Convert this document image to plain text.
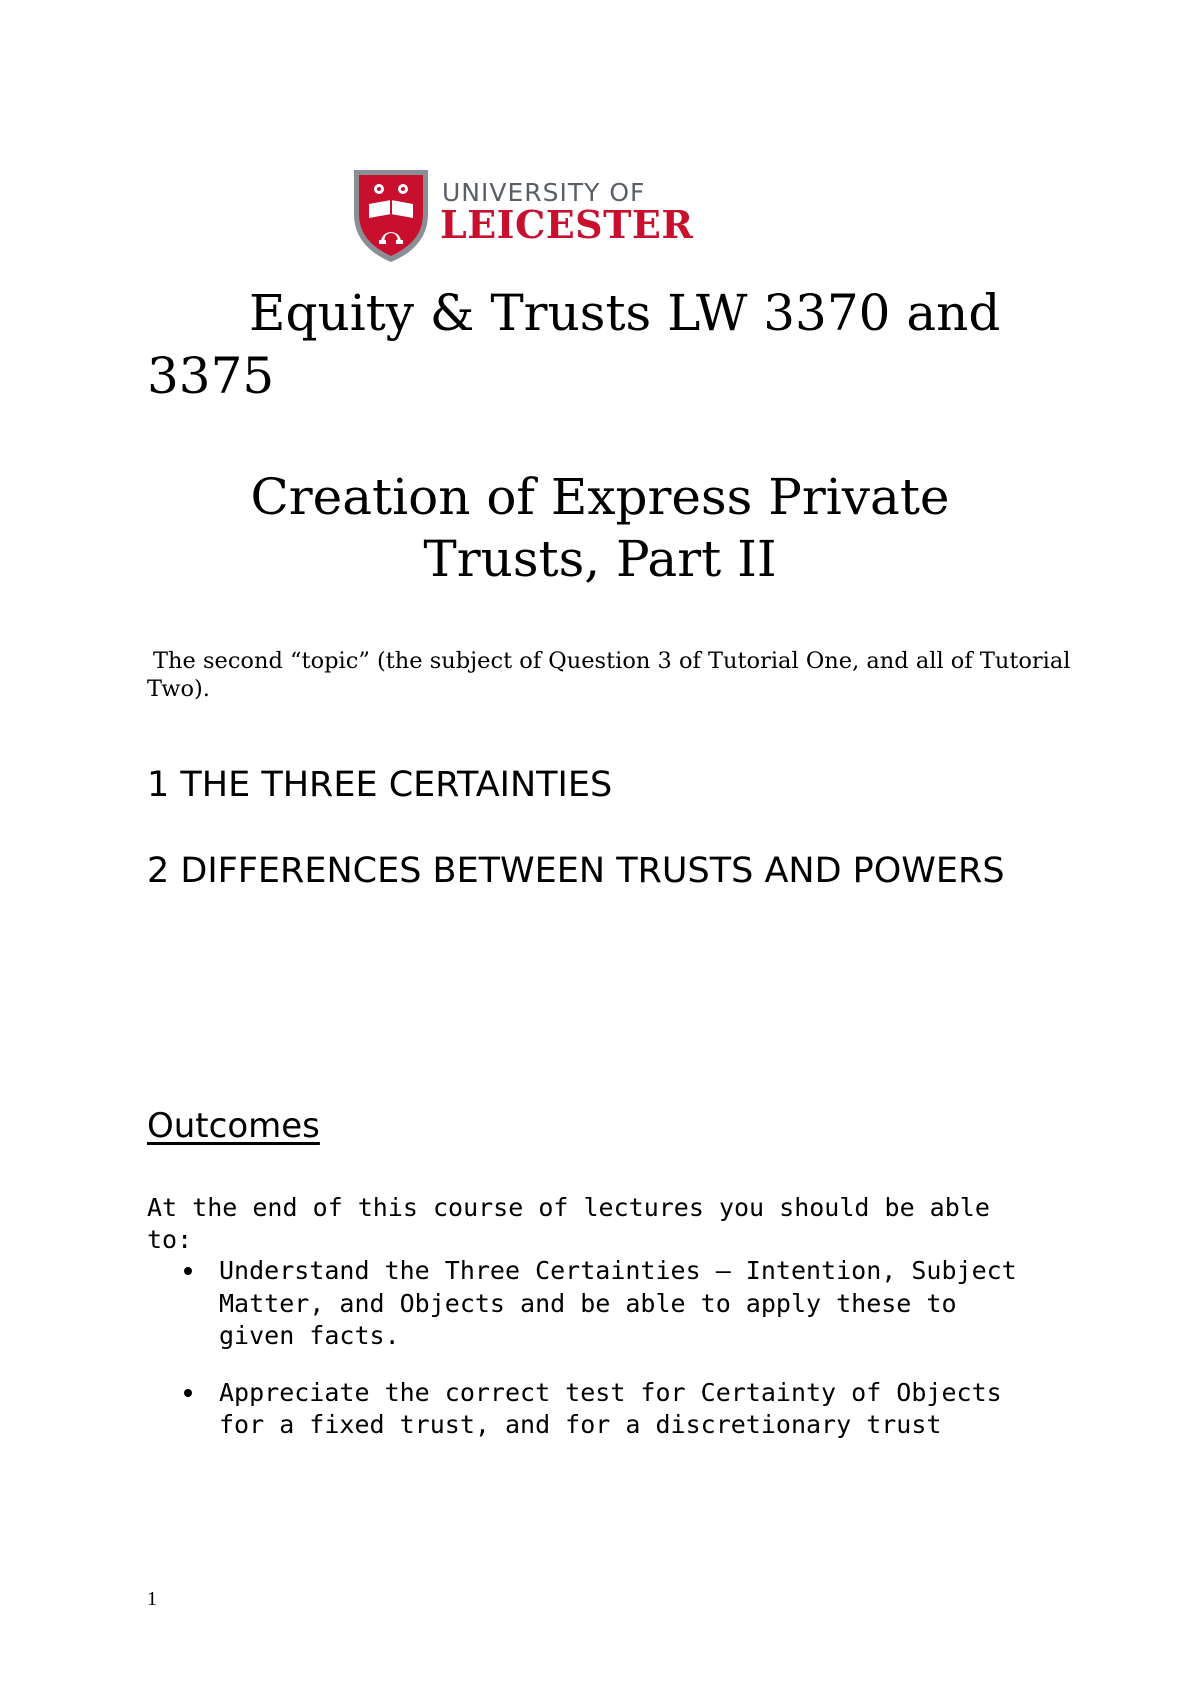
UNIVERSITY OF
LEICESTER
Equity & Trusts LW 3370 and 3375
Creation of Express Private
Trusts, Part II
The second “topic” (the subject of Question 3 of Tutorial One, and all of Tutorial Two).
1 THE THREE CERTAINTIES
2 DIFFERENCES BETWEEN TRUSTS AND POWERS
Outcomes
At the end of this course of lectures you should be able to:
Understand the Three Certainties – Intention, Subject Matter, and Objects and be able to apply these to given facts.
Appreciate the correct test for Certainty of Objects for a fixed trust, and for a discretionary trust
1
